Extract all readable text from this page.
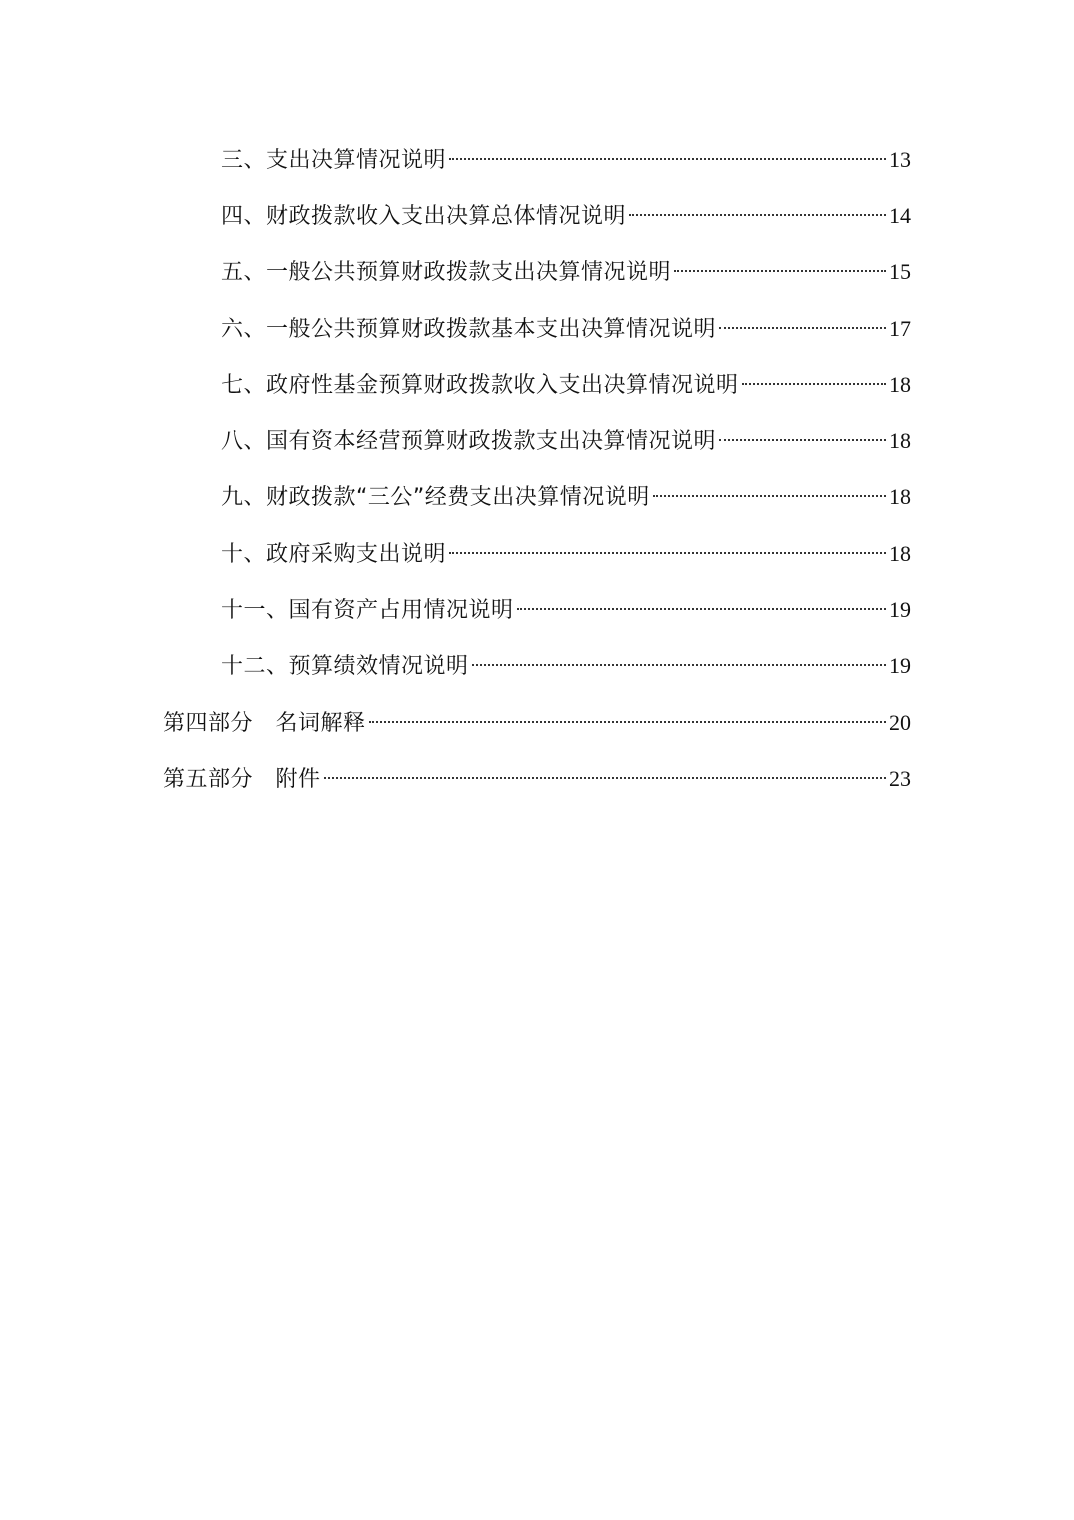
三、支出决算情况说明	13
四、财政拨款收入支出决算总体情况说明	14
五、一般公共预算财政拨款支出决算情况说明	15
六、一般公共预算财政拨款基本支出决算情况说明	17
七、政府性基金预算财政拨款收入支出决算情况说明	18
八、国有资本经营预算财政拨款支出决算情况说明	18
九、财政拨款“三公”经费支出决算情况说明	18
十、政府采购支出说明	18
十一、国有资产占用情况说明	19
十二、预算绩效情况说明	19
第四部分　名词解释	20
第五部分　附件	23
